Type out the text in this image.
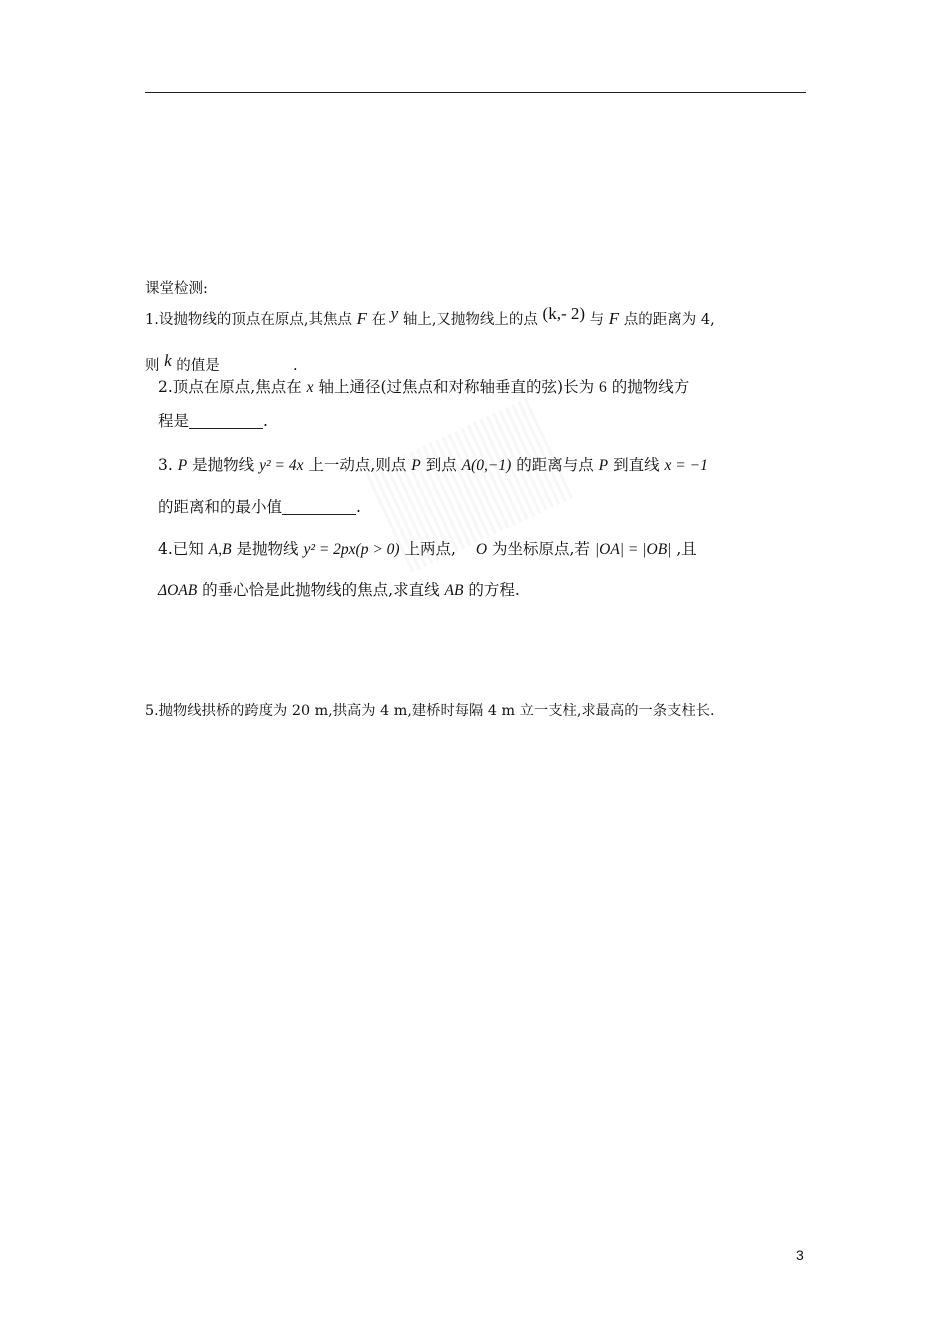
课堂检测:
1.设抛物线的顶点在原点,其焦点 F 在 y 轴上,又抛物线上的点 (k,- 2) 与 F 点的距离为 4,
则 k 的值是	.
2.顶点在原点,焦点在 x 轴上通径(过焦点和对称轴垂直的弦)长为 6 的抛物线方
程是	.
3. P 是抛物线 y² = 4x 上一动点,则点 P 到点 A(0,−1) 的距离与点 P 到直线 x = −1
的距离和的最小值	.
4.已知 A,B 是抛物线 y² = 2px(p > 0) 上两点, O 为坐标原点,若 |OA| = |OB| ,且
ΔOAB 的垂心恰是此抛物线的焦点,求直线 AB 的方程.
5.抛物线拱桥的跨度为 20 m,拱高为 4 m,建桥时每隔 4 m 立一支柱,求最高的一条支柱长.
3
